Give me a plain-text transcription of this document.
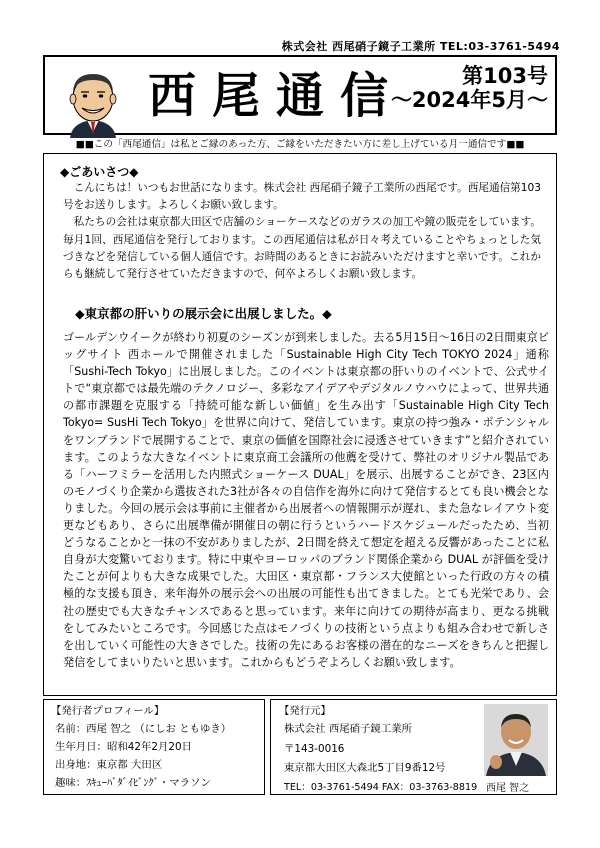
株式会社 西尾硝子鏡子工業所 TEL:03-3761-5494
西尾通信	第103号
〜2024年5月〜
■■この「西尾通信」は私とご縁のあった方、ご縁をいただきたい方に差し上げている月一通信です■■
◆ごあいさつ◆
こんにちは！いつもお世話になります。株式会社 西尾硝子鏡子工業所の西尾です。西尾通信第103号をお送りします。よろしくお願い致します。
私たちの会社は東京都大田区で店舗のショーケースなどのガラスの加工や鏡の販売をしています。毎月1回、西尾通信を発行しております。この西尾通信は私が日々考えていることやちょっとした気づきなどを発信している個人通信です。お時間のあるときにお読みいただけますと幸いです。これからも継続して発行させていただきますので、何卒よろしくお願い致します。
◆東京都の肝いりの展示会に出展しました。◆
ゴールデンウイークが終わり初夏のシーズンが到来しました。去る5月15日〜16日の2日間東京ビッグサイト 西ホールで開催されました「Sustainable High City Tech TOKYO 2024」通称「Sushi-Tech Tokyo」に出展しました。このイベントは東京都の肝いりのイベントで、公式サイトで“東京都では最先端のテクノロジー、多彩なアイデアやデジタルノウハウによって、世界共通の都市課題を克服する「持続可能な新しい価値」を生み出す「Sustainable High City Tech Tokyo= SusHi Tech Tokyo」を世界に向けて、発信しています。東京の持つ強み・ポテンシャルをワンブランドで展開することで、東京の価値を国際社会に浸透させていきます”と紹介されています。このような大きなイベントに東京商工会議所の他薦を受けて、弊社のオリジナル製品である「ハーフミラーを活用した内照式ショーケース DUAL」を展示、出展することができ、23区内のモノづくり企業から選抜された3社が各々の自信作を海外に向けて発信するとても良い機会となりました。今回の展示会は事前に主催者から出展者への情報開示が遅れ、また急なレイアウト変更などもあり、さらに出展準備が開催日の朝に行うというハードスケジュールだったため、当初どうなることかと一抹の不安がありましたが、2日間を終えて想定を超える反響があったことに私自身が大変驚いております。特に中東やヨーロッパのブランド関係企業から DUAL が評価を受けたことが何よりも大きな成果でした。大田区・東京都・フランス大使館といった行政の方々の積極的な支援も頂き、来年海外の展示会への出展の可能性も出てきました。とても光栄であり、会社の歴史でも大きなチャンスであると思っています。来年に向けての期待が高まり、更なる挑戦をしてみたいところです。今回感じた点はモノづくりの技術という点よりも組み合わせで新しさを出していく可能性の大きさでした。技術の先にあるお客様の潜在的なニーズをきちんと把握し発信をしてまいりたいと思います。これからもどうぞよろしくお願い致します。
【発行者プロフィール】
名前：西尾 智之 （にしお ともゆき）
生年月日：昭和42年2月20日
出身地：東京都 大田区
趣味：ｽｷｭｰﾊﾞﾀﾞｲﾋﾞﾝｸﾞ・マラソン
【発行元】
株式会社 西尾硝子鏡工業所
〒143-0016
東京都大田区大森北5丁目9番12号
TEL：03-3761-5494 FAX：03-3763-8819 西尾 智之
